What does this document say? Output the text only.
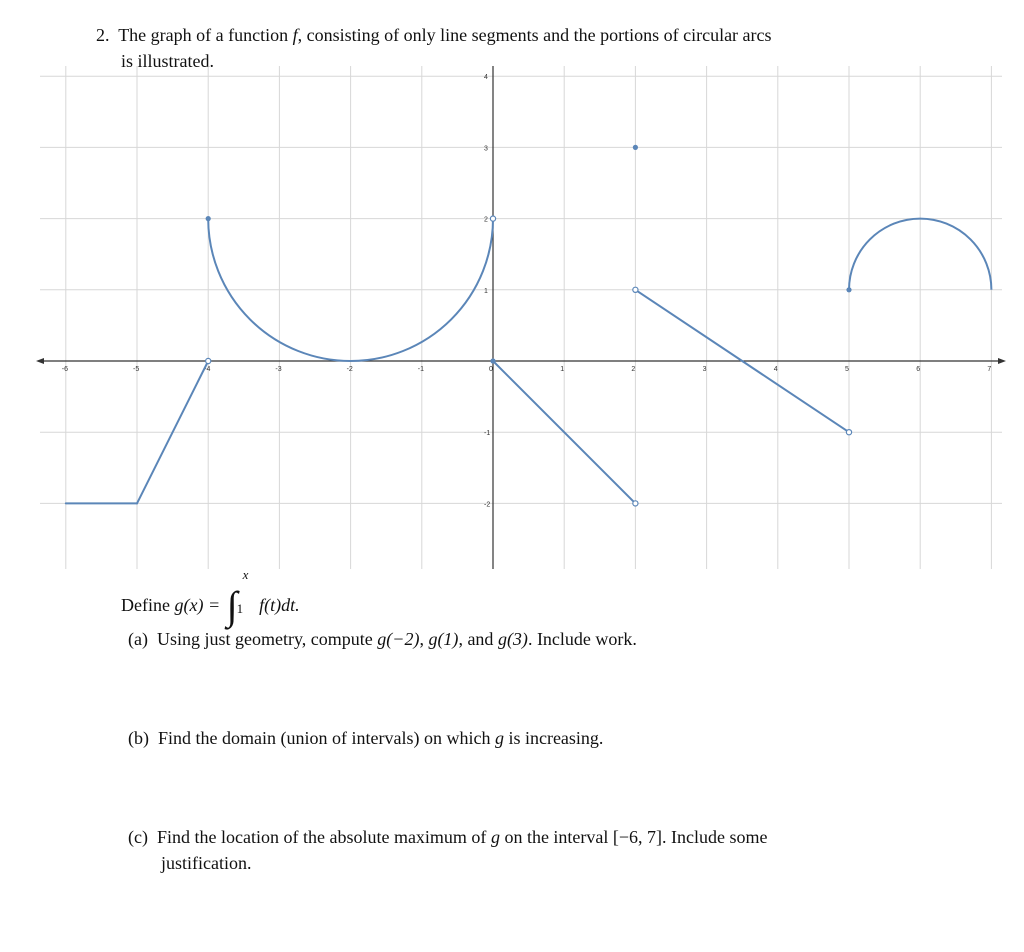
2. The graph of a function f, consisting of only line segments and the portions of circular arcs
is illustrated.
-6	-5	-4	-3	-2	-1	0	1	2	3	4	5	6	7
-2
-1
1
2
3
4
Define g(x) = ∫
x
1 f(t)dt.
(a) Using just geometry, compute g(−2), g(1), and g(3). Include work.
(b) Find the domain (union of intervals) on which g is increasing.
(c) Find the location of the absolute maximum of g on the interval [−6, 7]. Include some
justification.
